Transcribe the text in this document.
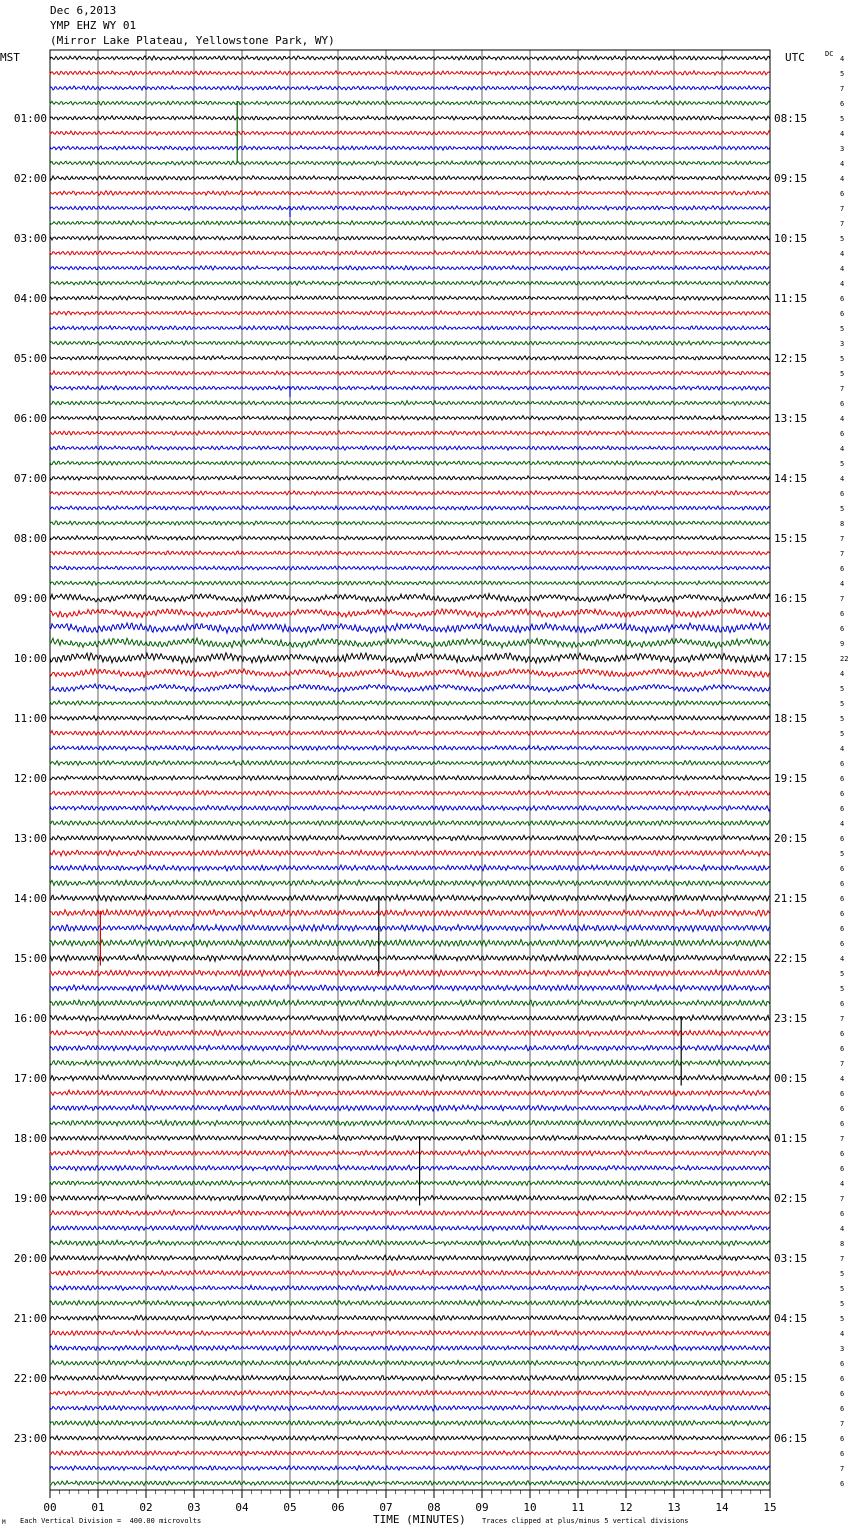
Dec 6,2013
YMP EHZ WY 01
(Mirror Lake Plateau, Yellowstone Park, WY)
01:00
02:00
03:00
04:00
05:00
06:00
07:00
08:00
09:00
10:00
11:00
12:00
13:00
14:00
15:00
16:00
17:00
18:00
19:00
20:00
21:00
22:00
23:00
08:15
09:15
10:15
11:15
12:15
13:15
14:15
15:15
16:15
17:15
18:15
19:15
20:15
21:15
22:15
23:15
00:15
01:15
02:15
03:15
04:15
05:15
06:15
4
5
7
6
5
4
3
4
4
6
7
7
5
4
4
4
6
6
5
3
5
5
7
6
4
6
4
5
4
6
5
8
7
7
6
4
7
6
6
9
22
4
5
5
5
5
4
6
6
6
6
4
6
5
6
6
6
6
6
6
4
5
5
6
7
6
6
7
4
6
6
6
7
6
6
4
7
6
4
8
7
5
5
5
5
4
3
6
6
6
6
7
6
6
7
6
00	01	02	03	04	05	06	07	08	09	10	11	12	13	14	15
MST	UTC	DC
TIME (MINUTES)
Each Vertical Division =  400.00 microvolts	Traces clipped at plus/minus 5 vertical divisions
M
